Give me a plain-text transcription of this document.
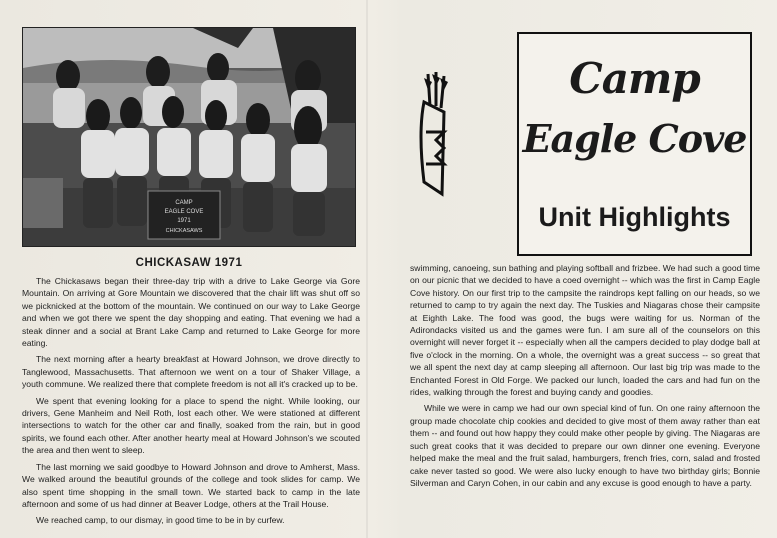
CAMP
EAGLE COVE
1971
CHICKASAWS
CHICKASAW 1971

The Chickasaws began their three-day trip with a drive to Lake George via Gore Mountain. On arriving at Gore Mountain we discovered that the chair lift was shut off so we picknicked at the bottom of the mountain. We continued on our way to Lake George and when we got there we spent the day shopping and eating. That evening we had a steak dinner and a social at Brant Lake Camp and returned to Lake George for more eating.

The next morning after a hearty breakfast at Howard Johnson, we drove directly to Tanglewood, Massachusetts. That afternoon we went on a tour of Shaker Village, a youth commune. We realized there that complete freedom is not all it's cracked up to be.

We spent that evening looking for a place to spend the night. While looking, our drivers, Gene Manheim and Neil Roth, lost each other. We were stationed at different intersections to watch for the other car and finally, soaked from the rain, but in good spirits, we found each other. After another hearty meal at Howard Johnson's we scouted the area and then went to sleep.

The last morning we said goodbye to Howard Johnson and drove to Amherst, Mass. We walked around the beautiful grounds of the college and took slides for camp. We also spent time shopping in the small town. We started back to camp in the late afternoon and some of us had dinner at Beaver Lodge, others at the Trail House.

We reached camp, to our dismay, in good time to be in by curfew.

Camp
Eagle Cove
Unit Highlights

swimming, canoeing, sun bathing and playing softball and frizbee. We had such a good time on our picnic that we decided to have a coed overnight -- which was the first in Camp Eagle Cove history. On our first trip to the campsite the raindrops kept falling on our heads, so we returned to camp to try again the next day. The Tuskies and Niagaras chose their campsite at Eighth Lake. The food was good, the bugs were waiting for us. Norman of the Adirondacks visited us and the games were fun. I am sure all of the counselors on this overnight will never forget it -- especially when all the campers decided to play dodge ball at five o'clock in the morning. On a whole, the overnight was a great success -- so great that we all spent the next day at camp sleeping all afternoon. Our last big trip was made to the Enchanted Forest in Old Forge. We packed our lunch, loaded the cars and had fun on the rides, walking through the forest and buying candy and goodies.

While we were in camp we had our own special kind of fun. On one rainy afternoon the group made chocolate chip cookies and decided to give most of them away rather than eat them -- and found out how happy they could make other people by giving. The Niagaras are such great cooks that it was decided to prepare our own dinner one evening. Everyone helped make the meal and the fruit salad, hamburgers, french fries, corn, salad and frosted cake never tasted so good. We were also lucky enough to have two birthday girls; Bonnie Silverman and Caryn Cohen, in our cabin and any excuse is good enough to have a party.
